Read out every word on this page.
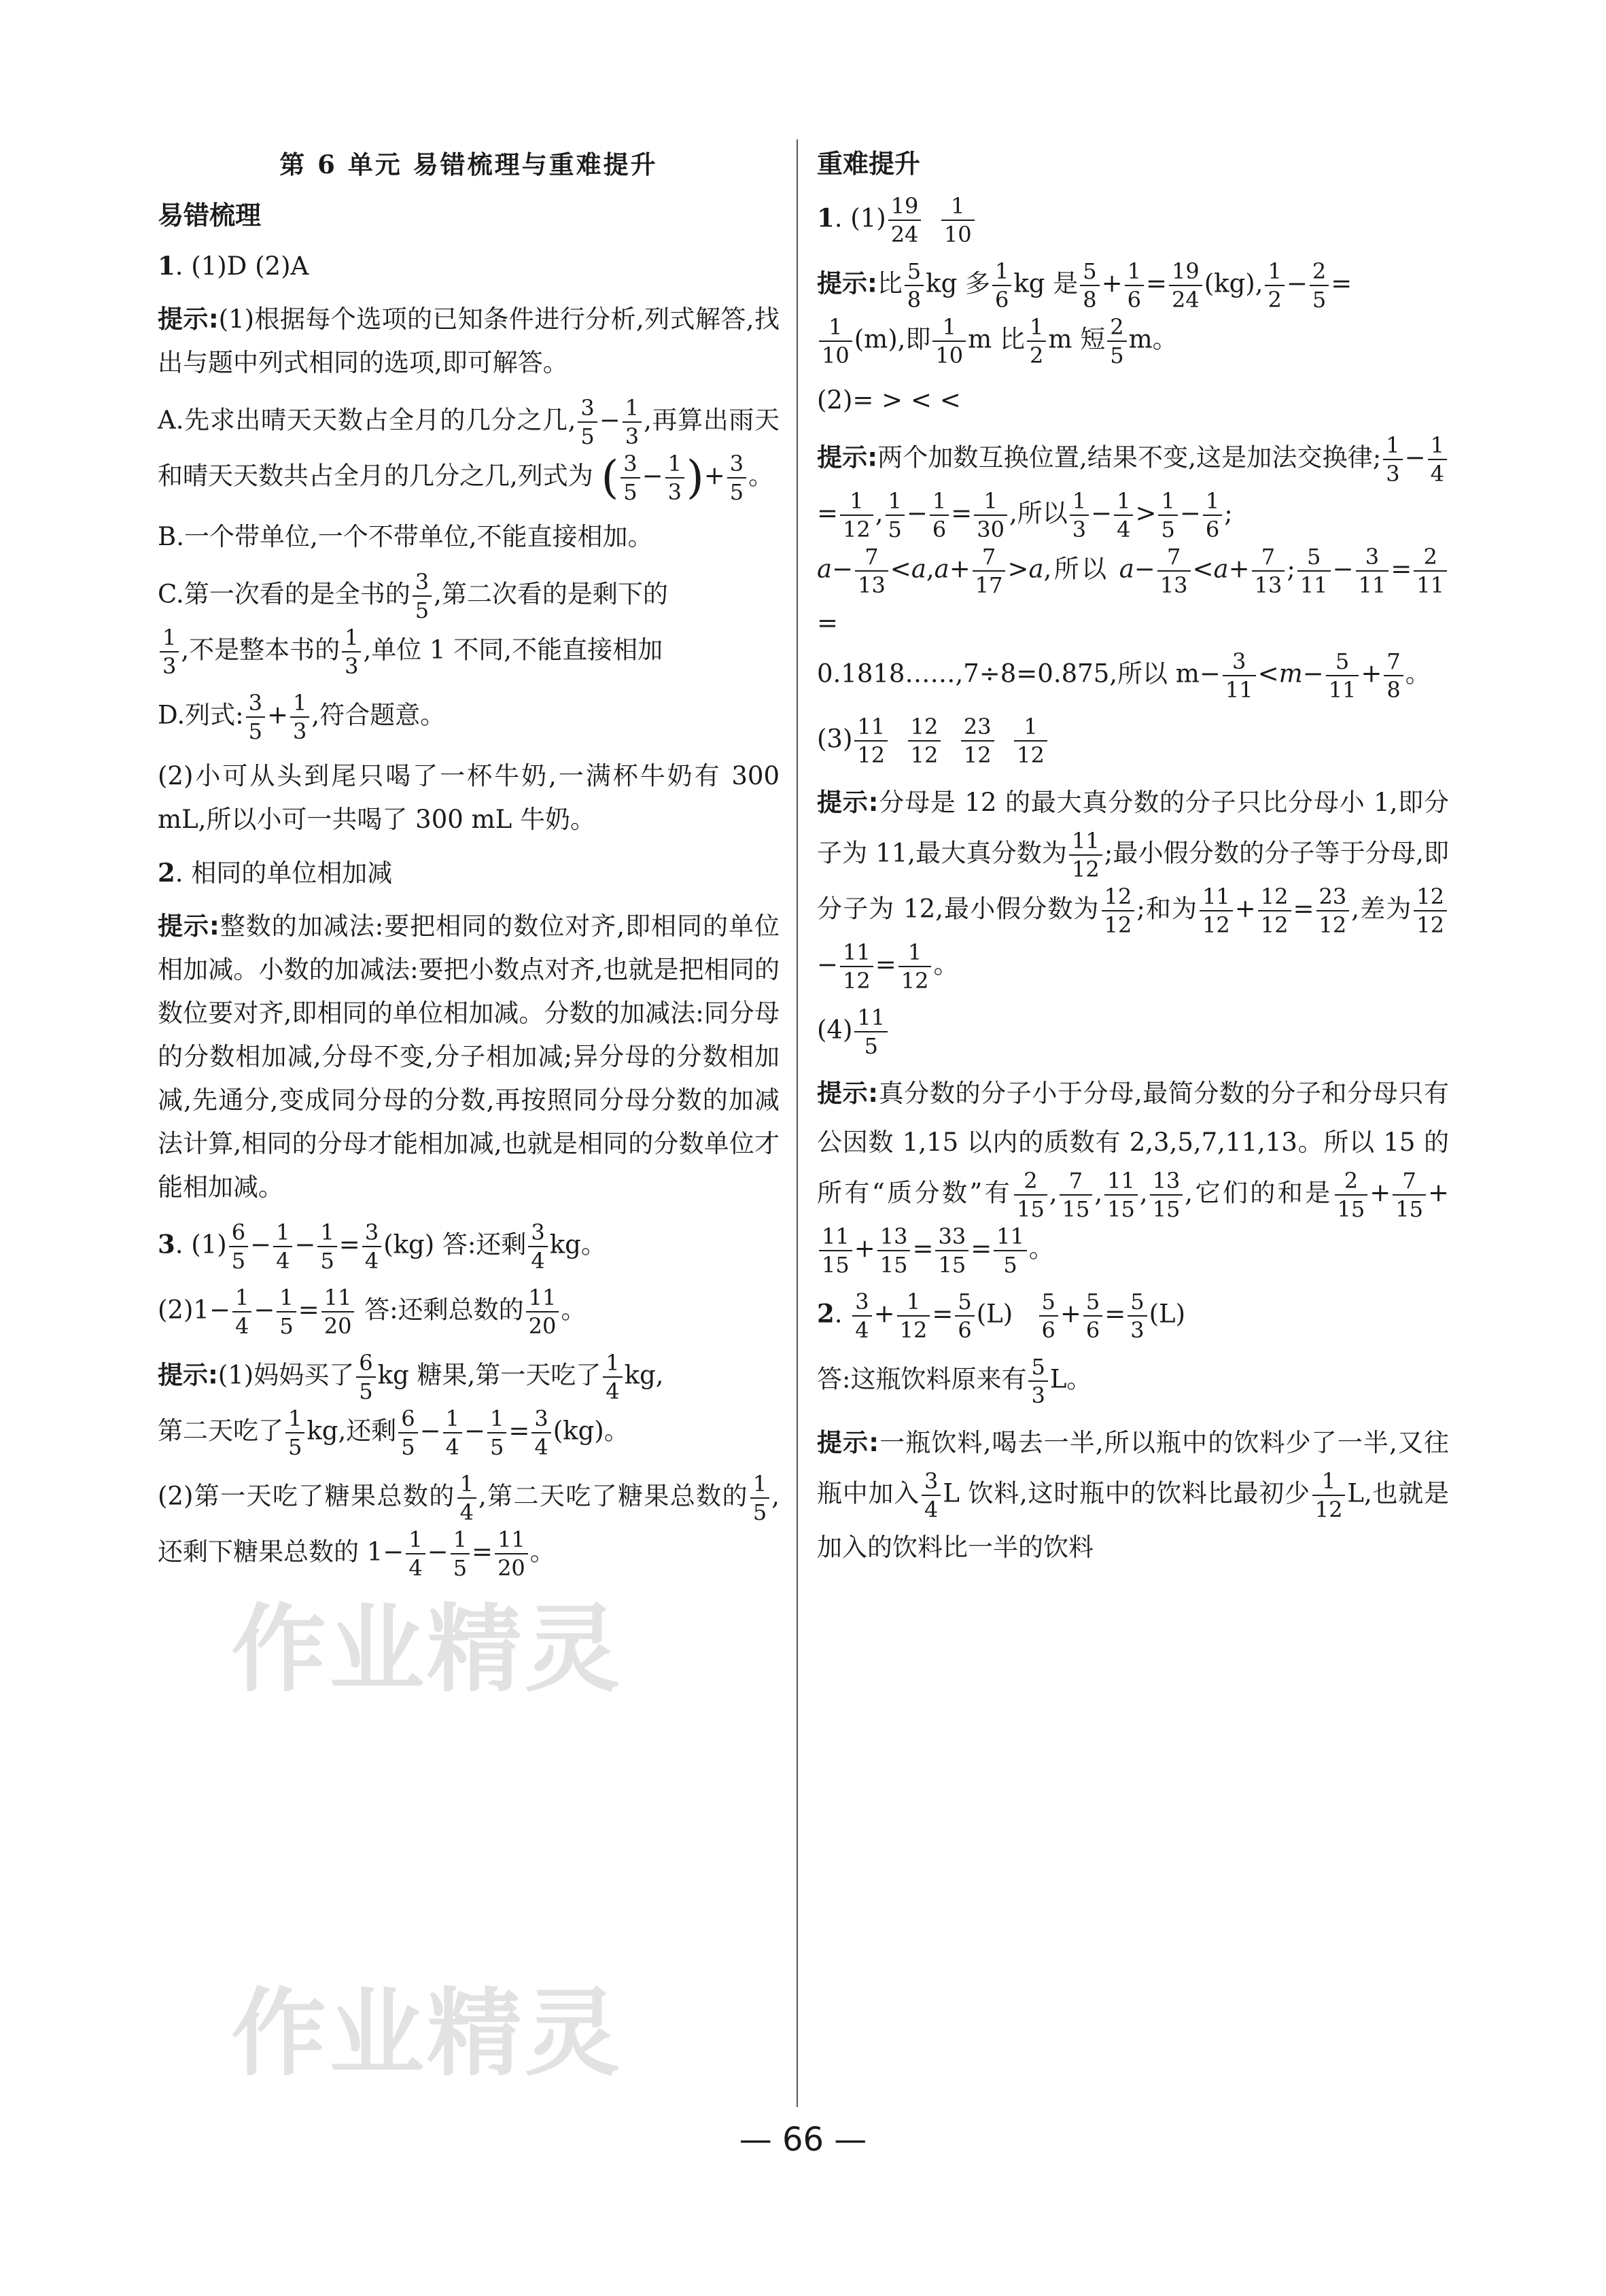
作业精灵
作业精灵
第 6 单元 易错梳理与重难提升
易错梳理
1. (1)D (2)A
提示:(1)根据每个选项的已知条件进行分析,列式解答,找出与题中列式相同的选项,即可解答。
A.先求出晴天天数占全月的几分之几, $\frac{3}{5} - \frac{1}{3}$ ,再算出雨天和晴天天数共占全月的几分之几,列式为 ( $\frac{3}{5} - \frac{1}{3}$ )+ $\frac{3}{5}$ 。
B.一个带单位,一个不带单位,不能直接相加。
C.第一次看的是全书的 $\frac{3}{5}$ ,第二次看的是剩下的

$\frac{1}{3}$ ,不是整本书的 $\frac{1}{3}$ ,单位 1 不同,不能直接相加
D.列式: $\frac{3}{5} + \frac{1}{3}$ ,符合题意。
(2)小可从头到尾只喝了一杯牛奶,一满杯牛奶有 300 mL,所以小可一共喝了 300 mL 牛奶。
2. 相同的单位相加减
提示:整数的加减法:要把相同的数位对齐,即相同的单位相加减。小数的加减法:要把小数点对齐,也就是把相同的数位要对齐,即相同的单位相加减。分数的加减法:同分母的分数相加减,分母不变,分子相加减;异分母的分数相加减,先通分,变成同分母的分数,再按照同分母分数的加减法计算,相同的分母才能相加减,也就是相同的分数单位才能相加减。
3. $(1) \frac{6}{5} - \frac{1}{4} - \frac{1}{5} = \frac{3}{4} (kg)$ 答:还剩 $\frac{3}{4}$ kg。
$(2)1- \frac{1}{4} - \frac{1}{5} = \frac{11}{20}$ 答:还剩总数的 $\frac{11}{20}$ 。
提示:(1)妈妈买了 $\frac{6}{5}$ kg 糖果,第一天吃了 $\frac{1}{4}$ kg,
第二天吃了 $\frac{1}{5}$ kg,还剩 $\frac{6}{5} - \frac{1}{4} - \frac{1}{5} = \frac{3}{4} (kg)$。
(2)第一天吃了糖果总数的 $\frac{1}{4}$ ,第二天吃了糖果总数的 $\frac{1}{5}$ ,还剩下糖果总数的 $1- \frac{1}{4} - \frac{1}{5} = \frac{11}{20}$ 。
重难提升
1. $(1) \frac{19}{24}$
$\frac{1}{10}$
提示:比 $\frac{5}{8}$ kg 多 $\frac{1}{6}$ kg 是 $\frac{5}{8} + \frac{1}{6} = \frac{19}{24} (kg)$, $\frac{1}{2} - \frac{2}{5}$ =

$\frac{1}{10} (m)$,即 $\frac{1}{10}$ m 比 $\frac{1}{2}$ m 短 $\frac{2}{5}$ m。
(2)= > < <
提示:两个加数互换位置,结果不变,这是加法交换律; $\frac{1}{3} - \frac{1}{4}$
= $\frac{1}{12}$ , $\frac{1}{5} - \frac{1}{6} = \frac{1}{30}$ ,所以 $\frac{1}{3} - \frac{1}{4} > \frac{1}{5} - \frac{1}{6}$ ;
$a- \frac{7}{13} <a,a+ \frac{7}{17} >a$,所以 $a- \frac{7}{13} <a+ \frac{7}{13}$ ; $\frac{5}{11} - \frac{3}{11} = \frac{2}{11}$
=
0.1818……,7÷8=0.875,所以 $m- \frac{3}{11} <m- \frac{5}{11} + \frac{7}{8}$ 。
$(3) \frac{11}{12}$
$\frac{12}{12}$
$\frac{23}{12}$
$\frac{1}{12}$
提示:分母是 12 的最大真分数的分子只比分母小 1,即分子为 11,最大真分数为 $\frac{11}{12}$ ;最小假分数的分子等于分母,即分子为 12,最小假分数为 $\frac{12}{12}$ ;和为 $\frac{11}{12} + \frac{12}{12} = \frac{23}{12}$ ,差为 $\frac{12}{12}$
− $\frac{11}{12} = \frac{1}{12}$ 。
$(4) \frac{11}{5}$
提示:真分数的分子小于分母,最简分数的分子和分母只有公因数 1,15 以内的质数有 2,3,5,7,11,13。所以 15 的所有“质分数”有 $\frac{2}{15}$ , $\frac{7}{15}$ , $\frac{11}{15}$ , $\frac{13}{15}$ ,它们的和是 $\frac{2}{15} + \frac{7}{15}$ +
$\frac{11}{15} + \frac{13}{15} = \frac{33}{15} = \frac{11}{5}$ 。
2. $\frac{3}{4} + \frac{1}{12} = \frac{5}{6} (L) \frac{5}{6} + \frac{5}{6} = \frac{5}{3} (L)$
答:这瓶饮料原来有 $\frac{5}{3}$ L。
提示:一瓶饮料,喝去一半,所以瓶中的饮料少了一半,又往瓶中加入 $\frac{3}{4}$ L 饮料,这时瓶中的饮料比最初少 $\frac{1}{12} L$,也就是加入的饮料比一半的饮料
— 66 —
